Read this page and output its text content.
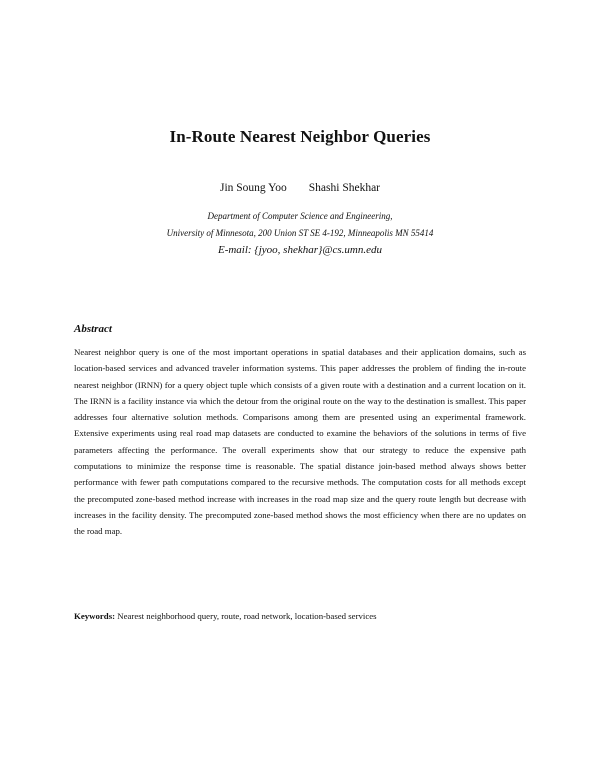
In-Route Nearest Neighbor Queries
Jin Soung Yoo Shashi Shekhar
Department of Computer Science and Engineering,
University of Minnesota, 200 Union ST SE 4-192, Minneapolis MN 55414
E-mail: {jyoo, shekhar}@cs.umn.edu
Abstract

Nearest neighbor query is one of the most important operations in spatial databases and their application domains, such as location-based services and advanced traveler information systems. This paper addresses the problem of finding the in-route nearest neighbor (IRNN) for a query object tuple which consists of a given route with a destination and a current location on it. The IRNN is a facility instance via which the detour from the original route on the way to the destination is smallest. This paper addresses four alternative solution methods. Comparisons among them are presented using an experimental framework. Extensive experiments using real road map datasets are conducted to examine the behaviors of the solutions in terms of five parameters affecting the performance. The overall experiments show that our strategy to reduce the expensive path computations to minimize the response time is reasonable. The spatial distance join-based method always shows better performance with fewer path computations compared to the recursive methods. The computation costs for all methods except the precomputed zone-based method increase with increases in the road map size and the query route length but decrease with increases in the facility density. The precomputed zone-based method shows the most efficiency when there are no updates on the road map.

Keywords: Nearest neighborhood query, route, road network, location-based services
